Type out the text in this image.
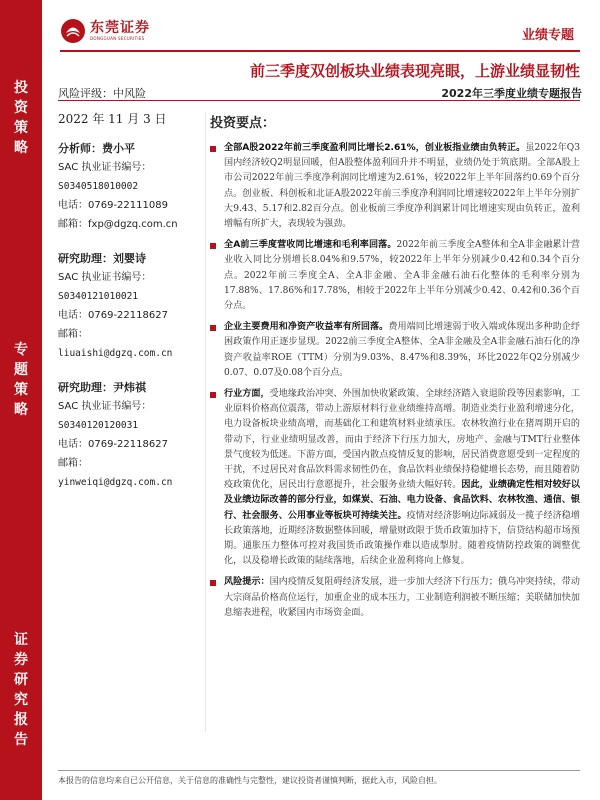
投
资
策
略
专
题
策
略
证
券
研
究
报
告
东莞证券
DONGGUAN SECURITIES	业绩专题
前三季度双创板块业绩表现亮眼，上游业绩显韧性
风险评级：中风险	2022年三季度业绩专题报告
2022 年 11 月 3 日
分析师：费小平
SAC 执业证书编号：
S0340518010002
电话：0769-22111089
邮箱：fxp@dgzq.com.cn
研究助理：刘婴诗
SAC 执业证书编号：
S0340121010021
电话：0769-22118627
邮箱：
liuaishi@dgzq.com.cn
研究助理：尹炜祺
SAC 执业证书编号：
S0340120120031
电话：0769-22118627
邮箱：
yinweiqi@dgzq.com.cn
投资要点：

全部A股2022年前三季度盈利同比增长2.61%，创业板指业绩由负转正。虽2022年Q3国内经济较Q2明显回暖，但A股整体盈利回升并不明显，业绩仍处于筑底期。全部A股上市公司2022年前三季度净利润同比增速为2.61%，较2022年上半年回落约0.69个百分点。创业板、科创板和北证A股2022年前三季度净利润同比增速较2022年上半年分别扩大9.43、5.17和2.82百分点。创业板前三季度净利润累计同比增速实现由负转正，盈利增幅有所扩大，表现较为强劲。

全A前三季度营收同比增速和毛利率回落。2022年前三季度全A整体和全A非金融累计营业收入同比分别增长8.04%和9.57%，较2022年上半年分别减少0.42和0.34个百分点。2022年前三季度全A、全A非金融、全A非金融石油石化整体的毛利率分别为17.88%、17.86%和17.78%，相较于2022年上半年分别减少0.42、0.42和0.36个百分点。

企业主要费用和净资产收益率有所回落。费用端同比增速弱于收入端或体现出多种助企纾困政策作用正逐步显现。2022前三季度全A整体、全A非金融及全A非金融石油石化的净资产收益率ROE（TTM）分别为9.03%、8.47%和8.39%，环比2022年Q2分别减少0.07、0.07及0.08个百分点。

行业方面，受地缘政治冲突、外围加快收紧政策、全球经济踏入衰退阶段等因素影响，工业原料价格高位震荡，带动上游原材料行业业绩维持高增。制造业类行业盈利增速分化，电力设备板块业绩高增，而基础化工和建筑材料业绩承压。农林牧渔行业在猪周期开启的带动下，行业业绩明显改善，而由于经济下行压力加大，房地产、金融与TMT行业整体景气度较为低迷。下游方面，受国内散点疫情反复的影响，居民消费意愿受到一定程度的干扰，不过居民对食品饮料需求韧性仍在，食品饮料业绩保持稳健增长态势，而且随着防疫政策优化，居民出行意愿提升，社会服务业绩大幅好转。因此，业绩确定性相对较好以及业绩边际改善的部分行业，如煤炭、石油、电力设备、食品饮料、农林牧渔、通信、银行、社会服务、公用事业等板块可持续关注。疫情对经济影响边际减弱及一揽子经济稳增长政策落地，近期经济数据整体回暖，增量财政限于货币政策加持下，信贷结构超市场预期。通胀压力整体可控对我国货币政策操作难以造成掣肘。随着疫情防控政策的调整优化，以及稳增长政策的陆续落地，后续企业盈利将向上修复。

风险提示：国内疫情反复阻碍经济发展，进一步加大经济下行压力；俄乌冲突持续，带动大宗商品价格高位运行，加重企业的成本压力，工业制造利润被不断压缩；美联储加快加息缩表进程，收紧国内市场资金面。

本报告的信息均来自已公开信息，关于信息的准确性与完整性，建议投资者谨慎判断，据此入市，风险自担。
